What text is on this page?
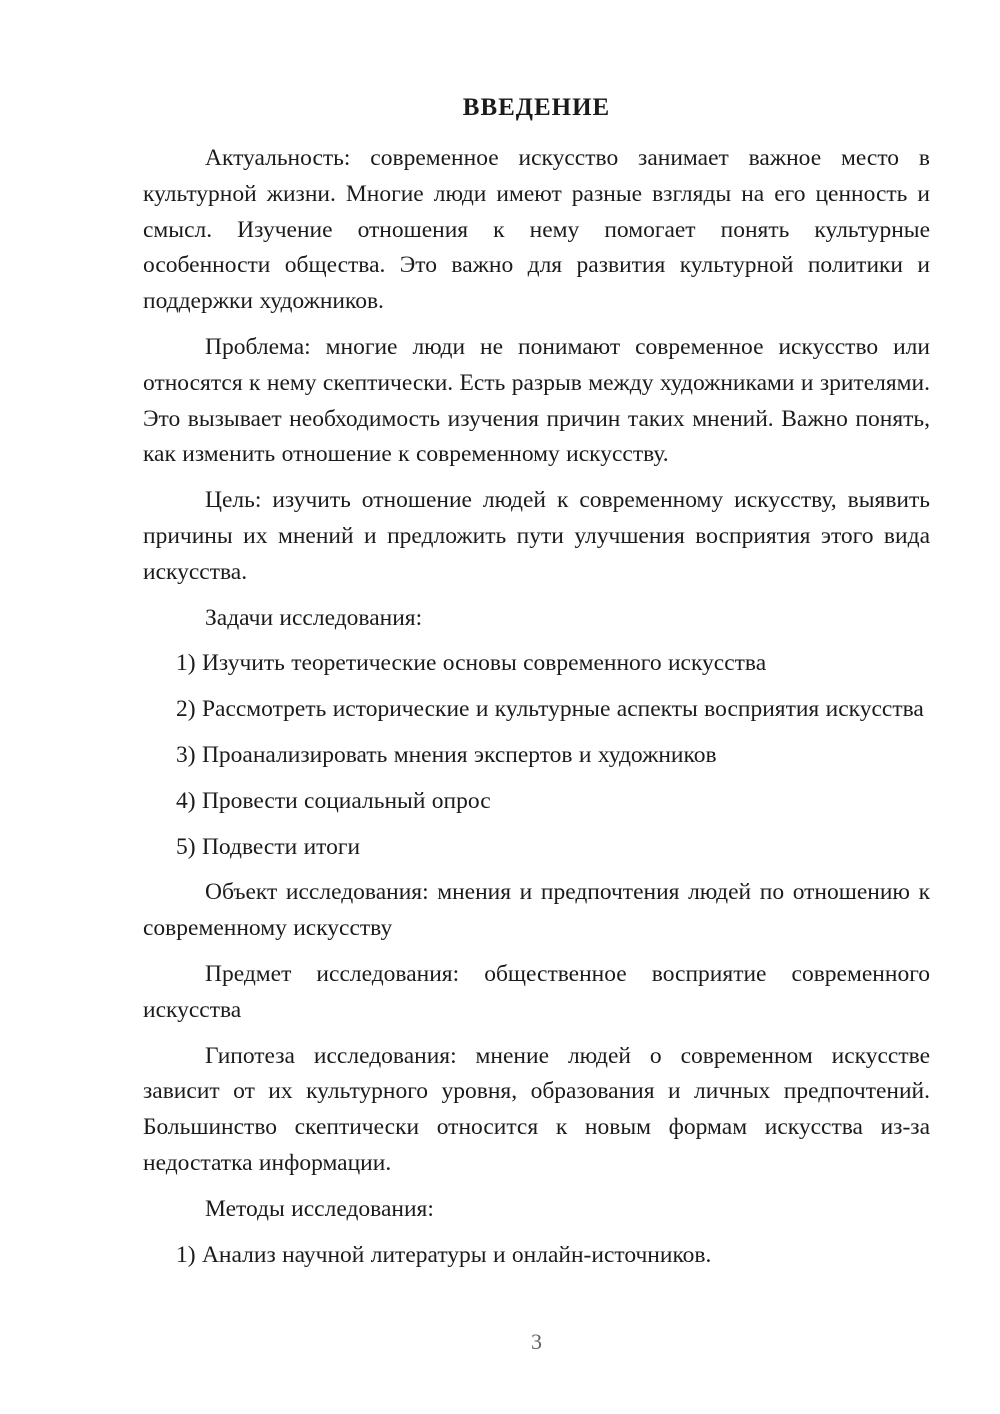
ВВЕДЕНИЕ

Актуальность: современное искусство занимает важное место в культурной жизни. Многие люди имеют разные взгляды на его ценность и смысл. Изучение отношения к нему помогает понять культурные особенности общества. Это важно для развития культурной политики и поддержки художников.

Проблема: многие люди не понимают современное искусство или относятся к нему скептически. Есть разрыв между художниками и зрителями. Это вызывает необходимость изучения причин таких мнений. Важно понять, как изменить отношение к современному искусству.

Цель: изучить отношение людей к современному искусству, выявить причины их мнений и предложить пути улучшения восприятия этого вида искусства.

Задачи исследования:

1) Изучить теоретические основы современного искусства

2) Рассмотреть исторические и культурные аспекты восприятия искусства

3) Проанализировать мнения экспертов и художников

4) Провести социальный опрос

5) Подвести итоги

Объект исследования: мнения и предпочтения людей по отношению к современному искусству

Предмет исследования: общественное восприятие современного искусства

Гипотеза исследования: мнение людей о современном искусстве зависит от их культурного уровня, образования и личных предпочтений. Большинство скептически относится к новым формам искусства из-за недостатка информации.

Методы исследования:

1) Анализ научной литературы и онлайн-источников.

3
